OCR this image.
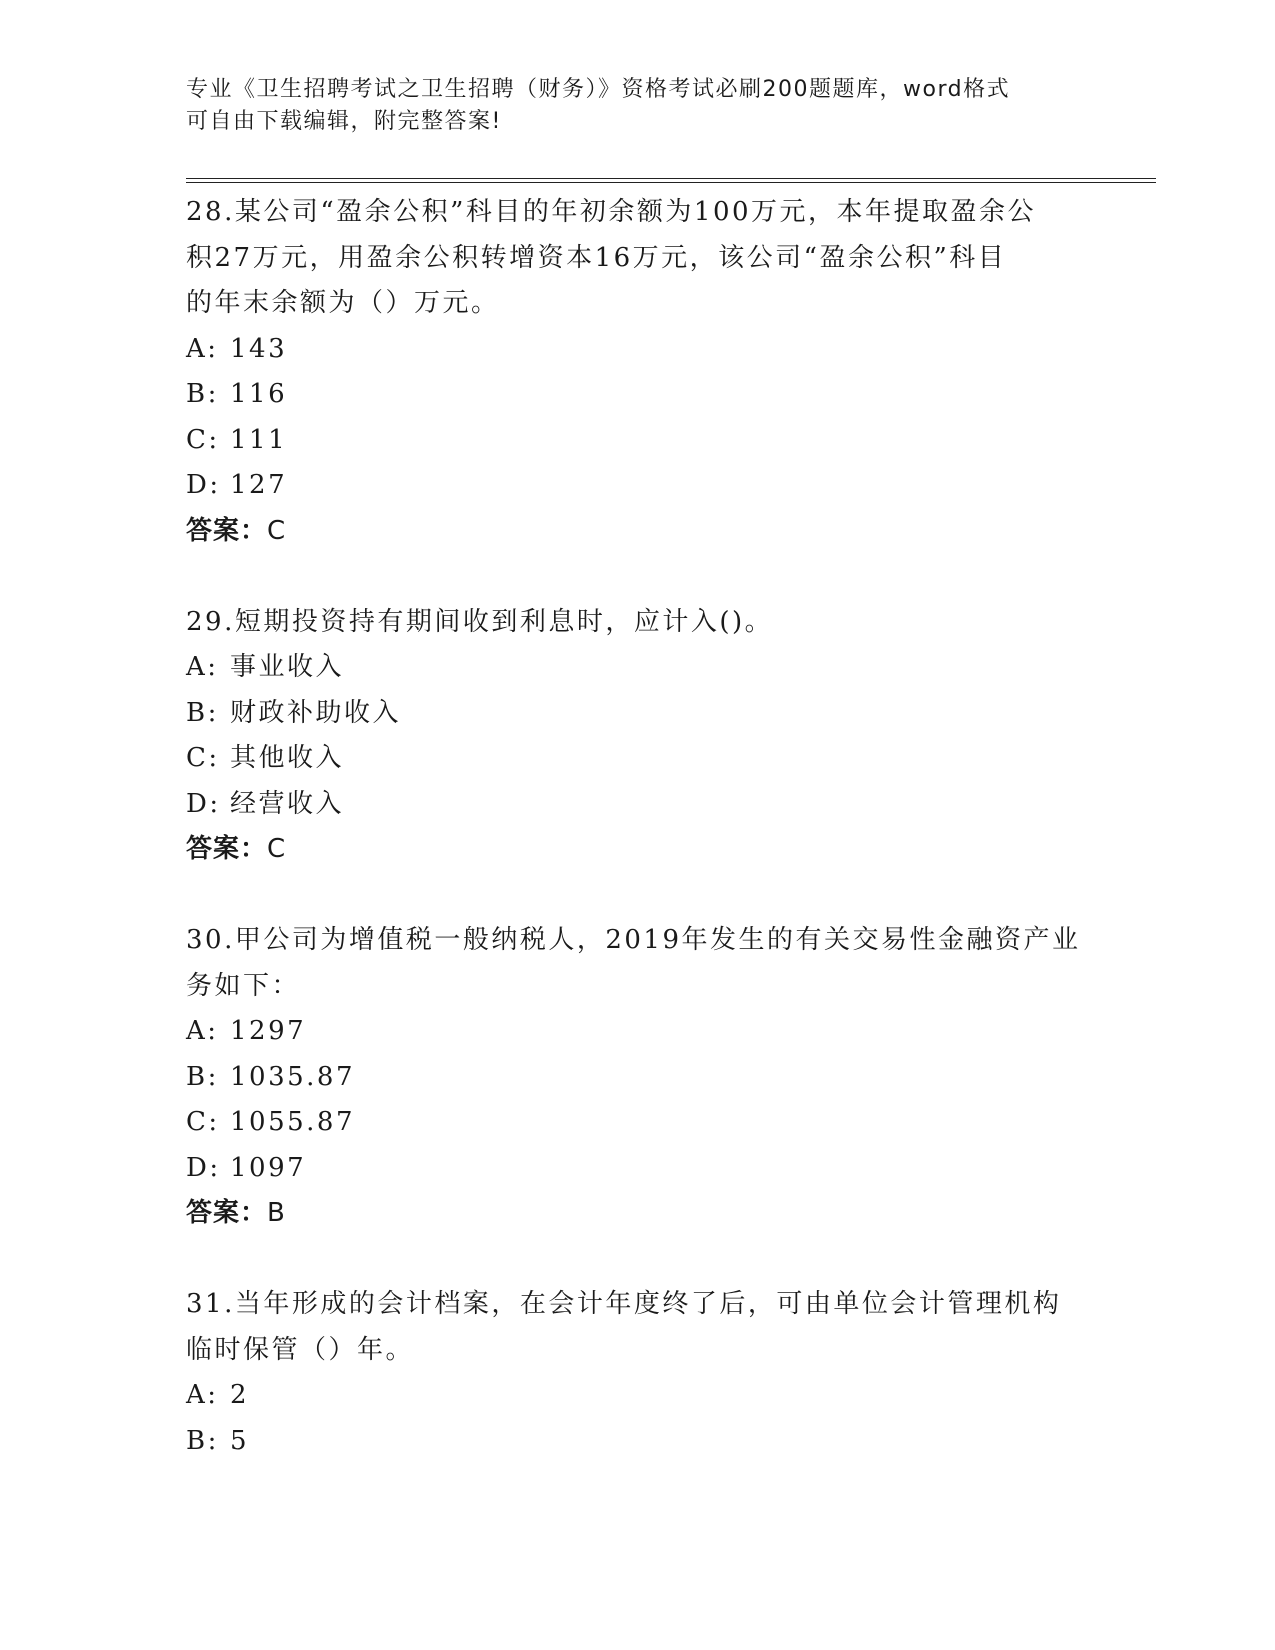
专业《卫生招聘考试之卫生招聘（财务）》资格考试必刷200题题库，word格式
可自由下载编辑，附完整答案!
28.某公司“盈余公积”科目的年初余额为100万元，本年提取盈余公
积27万元，用盈余公积转增资本16万元，该公司“盈余公积”科目
的年末余额为（）万元。
A: 143
B: 116
C: 111
D: 127
答案：C
29.短期投资持有期间收到利息时，应计入()。
A: 事业收入
B: 财政补助收入
C: 其他收入
D: 经营收入
答案：C
30.甲公司为增值税一般纳税人，2019年发生的有关交易性金融资产业
务如下：
A: 1297
B: 1035.87
C: 1055.87
D: 1097
答案：B
31.当年形成的会计档案，在会计年度终了后，可由单位会计管理机构
临时保管（）年。
A: 2
B: 5
